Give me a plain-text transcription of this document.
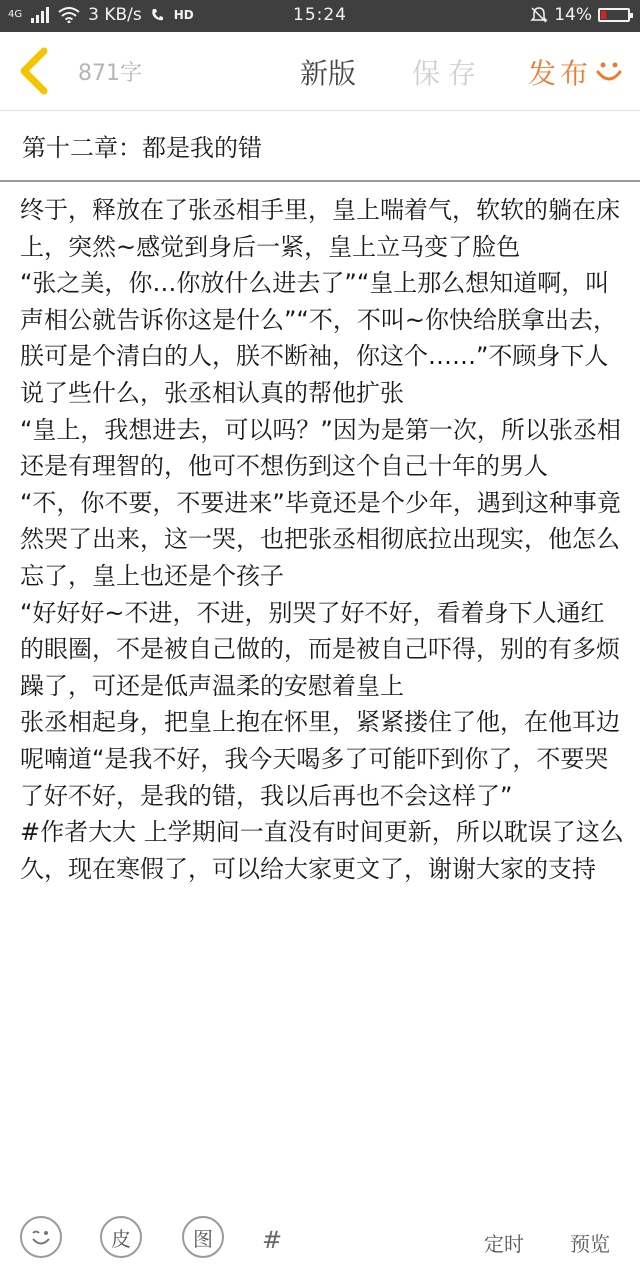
4G	3 KB/s	HD	15:24	14%
871字	新版 保存 发布
第十二章：都是我的错
终于，释放在了张丞相手里，皇上喘着气，软软的躺在床上，突然~感觉到身后一紧，皇上立马变了脸色
“张之美，你…你放什么进去了”“皇上那么想知道啊，叫声相公就告诉你这是什么”“不，不叫~你快给朕拿出去，朕可是个清白的人，朕不断袖，你这个……”不顾身下人说了些什么，张丞相认真的帮他扩张
“皇上，我想进去，可以吗？”因为是第一次，所以张丞相还是有理智的，他可不想伤到这个自己十年的男人
“不，你不要，不要进来”毕竟还是个少年，遇到这种事竟然哭了出来，这一哭，也把张丞相彻底拉出现实，他怎么忘了，皇上也还是个孩子
“好好好~不进，不进，别哭了好不好，看着身下人通红的眼圈，不是被自己做的，而是被自己吓得，别的有多烦躁了，可还是低声温柔的安慰着皇上
张丞相起身，把皇上抱在怀里，紧紧搂住了他，在他耳边呢喃道“是我不好，我今天喝多了可能吓到你了，不要哭了好不好，是我的错，我以后再也不会这样了”
#作者大大 上学期间一直没有时间更新，所以耽误了这么久，现在寒假了，可以给大家更文了，谢谢大家的支持
皮	图 #	定时 预览
